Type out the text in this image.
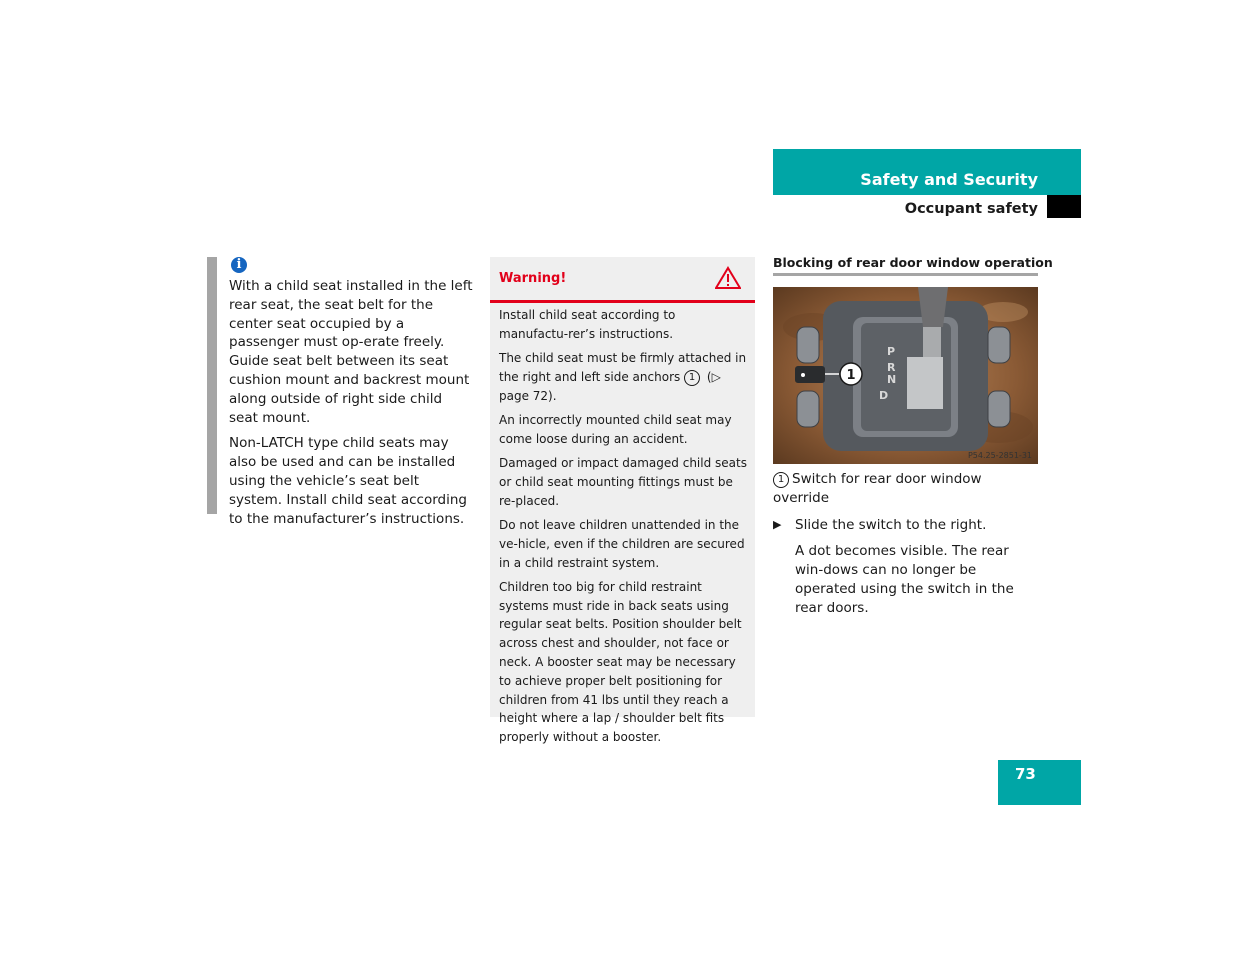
Safety and Security
Occupant safety
i

With a child seat installed in the left rear seat, the seat belt for the center seat occupied by a passenger must op-erate freely. Guide seat belt between its seat cushion mount and backrest mount along outside of right side child seat mount.

Non-LATCH type child seats may also be used and can be installed using the vehicle’s seat belt system. Install child seat according to the manufacturer’s instructions.

Warning!

Install child seat according to manufactu-rer’s instructions.

The child seat must be firmly attached in the right and left side anchors 1 (▷ page 72).

An incorrectly mounted child seat may come loose during an accident.

Damaged or impact damaged child seats or child seat mounting fittings must be re-placed.

Do not leave children unattended in the ve-hicle, even if the children are secured in a child restraint system.

Children too big for child restraint systems must ride in back seats using regular seat belts. Position shoulder belt across chest and shoulder, not face or neck. A booster seat may be necessary to achieve proper belt positioning for children from 41 lbs until they reach a height where a lap / shoulder belt fits properly without a booster.

Blocking of rear door window operation
P
R
N
D
1
P54.25-2851-31
1 Switch for rear door window override
▶ Slide the switch to the right.
A dot becomes visible. The rear win-dows can no longer be operated using the switch in the rear doors.
73
